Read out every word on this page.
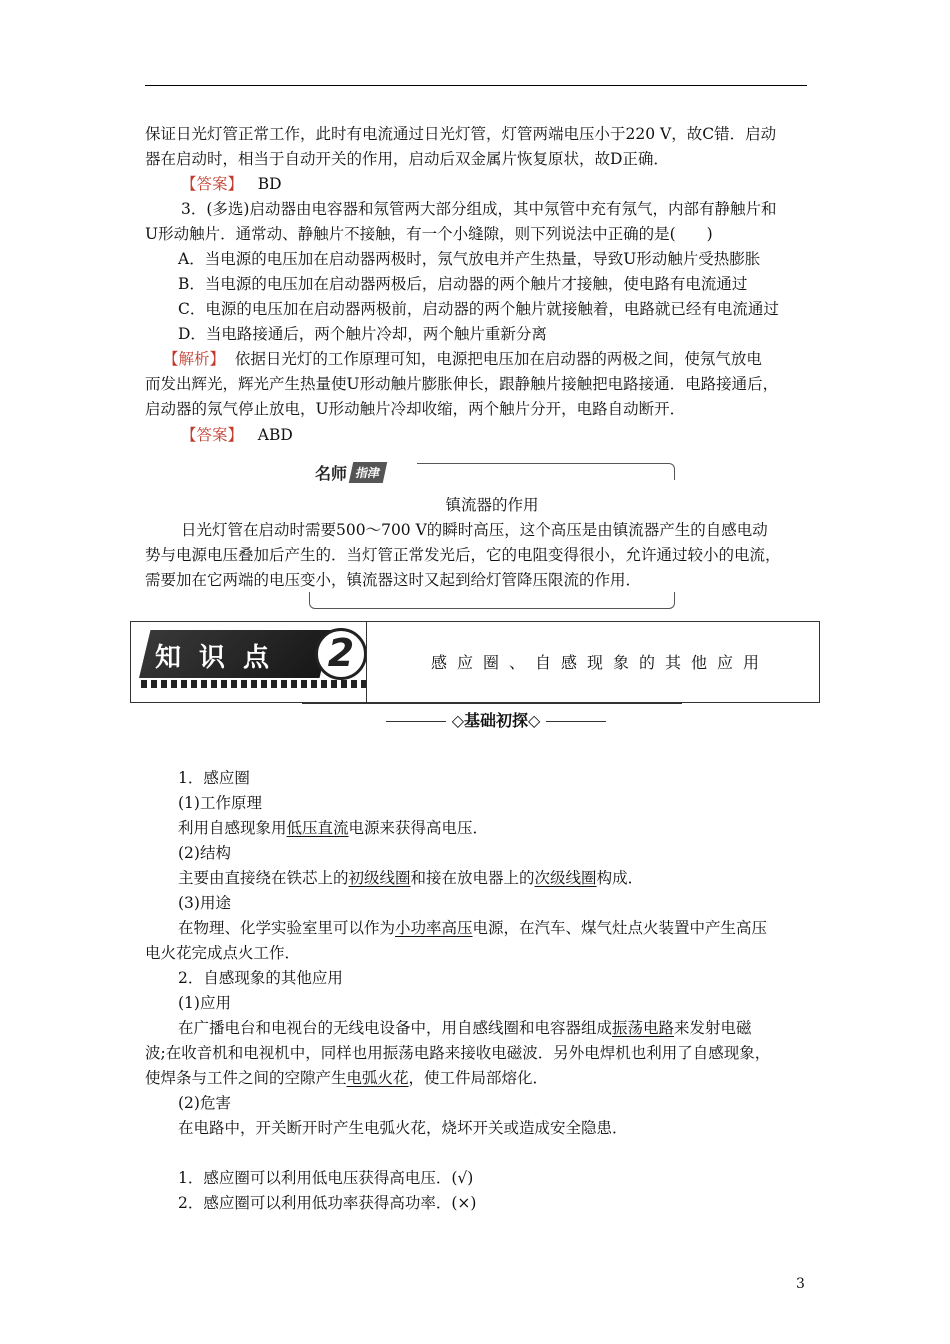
保证日光灯管正常工作，此时有电流通过日光灯管，灯管两端电压小于220 V，故C错．启动
器在启动时，相当于自动开关的作用，启动后双金属片恢复原状，故D正确．
【答案】 BD
3．(多选)启动器由电容器和氖管两大部分组成，其中氖管中充有氖气，内部有静触片和
U形动触片．通常动、静触片不接触，有一个小缝隙，则下列说法中正确的是(　　)
A．当电源的电压加在启动器两极时，氖气放电并产生热量，导致U形动触片受热膨胀
B．当电源的电压加在启动器两极后，启动器的两个触片才接触，使电路有电流通过
C．电源的电压加在启动器两极前，启动器的两个触片就接触着，电路就已经有电流通过
D．当电路接通后，两个触片冷却，两个触片重新分离
【解析】 依据日光灯的工作原理可知，电源把电压加在启动器的两极之间，使氖气放电
而发出辉光，辉光产生热量使U形动触片膨胀伸长，跟静触片接触把电路接通．电路接通后，
启动器的氖气停止放电，U形动触片冷却收缩，两个触片分开，电路自动断开．
【答案】 ABD
名师 指津
镇流器的作用
日光灯管在启动时需要500～700 V的瞬时高压，这个高压是由镇流器产生的自感电动
势与电源电压叠加后产生的．当灯管正常发光后，它的电阻变得很小，允许通过较小的电流，
需要加在它两端的电压变小，镇流器这时又起到给灯管降压限流的作用．
知识点	2	感应圈、自感现象的其他应用
◇基础初探◇
1．感应圈
(1)工作原理
利用自感现象用低压直流电源来获得高电压．
(2)结构
主要由直接绕在铁芯上的初级线圈和接在放电器上的次级线圈构成．
(3)用途
在物理、化学实验室里可以作为小功率高压电源，在汽车、煤气灶点火装置中产生高压
电火花完成点火工作．
2．自感现象的其他应用
(1)应用
在广播电台和电视台的无线电设备中，用自感线圈和电容器组成振荡电路来发射电磁
波;在收音机和电视机中，同样也用振荡电路来接收电磁波．另外电焊机也利用了自感现象，
使焊条与工件之间的空隙产生电弧火花，使工件局部熔化．
(2)危害
在电路中，开关断开时产生电弧火花，烧坏开关或造成安全隐患．
1．感应圈可以利用低电压获得高电压．(√)
2．感应圈可以利用低功率获得高功率．(×)
3
